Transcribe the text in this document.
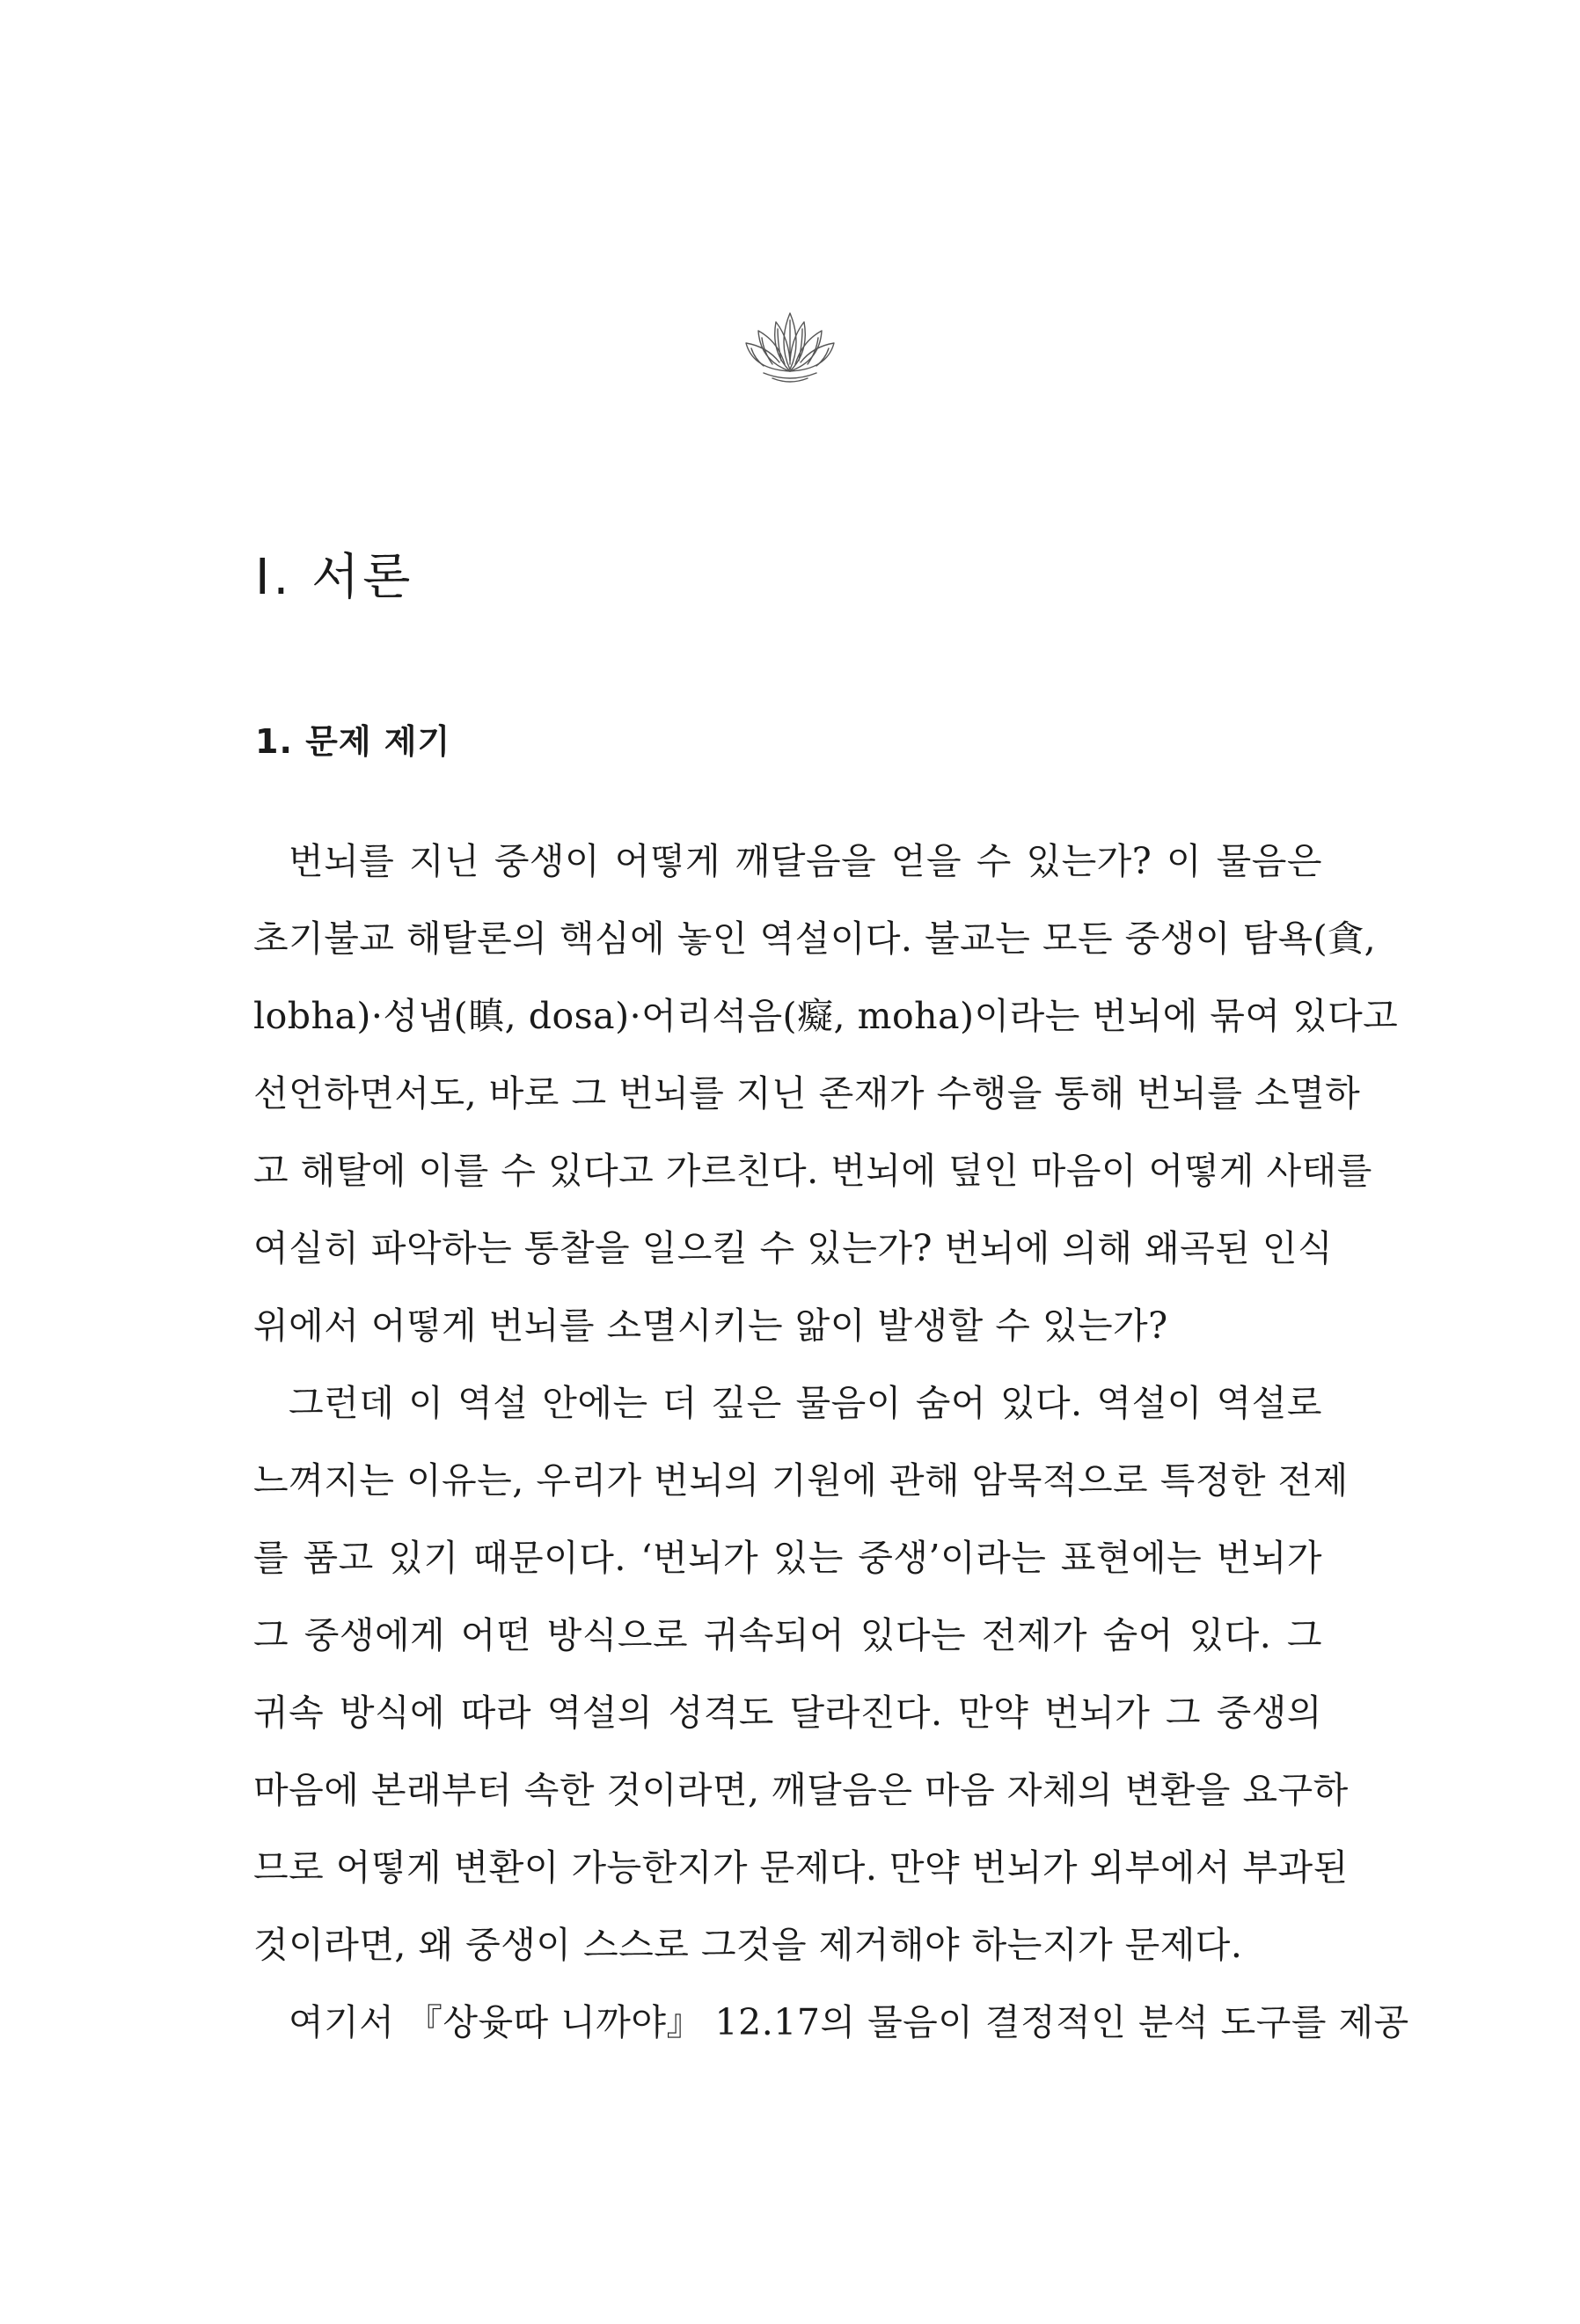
Ⅰ. 서론
1. 문제 제기
번뇌를 지닌 중생이 어떻게 깨달음을 얻을 수 있는가? 이 물음은
초기불교 해탈론의 핵심에 놓인 역설이다. 불교는 모든 중생이 탐욕(貪,
lobha)·성냄(瞋, dosa)·어리석음(癡, moha)이라는 번뇌에 묶여 있다고
선언하면서도, 바로 그 번뇌를 지닌 존재가 수행을 통해 번뇌를 소멸하
고 해탈에 이를 수 있다고 가르친다. 번뇌에 덮인 마음이 어떻게 사태를
여실히 파악하는 통찰을 일으킬 수 있는가? 번뇌에 의해 왜곡된 인식
위에서 어떻게 번뇌를 소멸시키는 앎이 발생할 수 있는가?
그런데 이 역설 안에는 더 깊은 물음이 숨어 있다. 역설이 역설로
느껴지는 이유는, 우리가 번뇌의 기원에 관해 암묵적으로 특정한 전제
를 품고 있기 때문이다. ‘번뇌가 있는 중생’이라는 표현에는 번뇌가
그 중생에게 어떤 방식으로 귀속되어 있다는 전제가 숨어 있다. 그
귀속 방식에 따라 역설의 성격도 달라진다. 만약 번뇌가 그 중생의
마음에 본래부터 속한 것이라면, 깨달음은 마음 자체의 변환을 요구하
므로 어떻게 변환이 가능한지가 문제다. 만약 번뇌가 외부에서 부과된
것이라면, 왜 중생이 스스로 그것을 제거해야 하는지가 문제다.
여기서 『상윳따 니까야』 12.17의 물음이 결정적인 분석 도구를 제공
